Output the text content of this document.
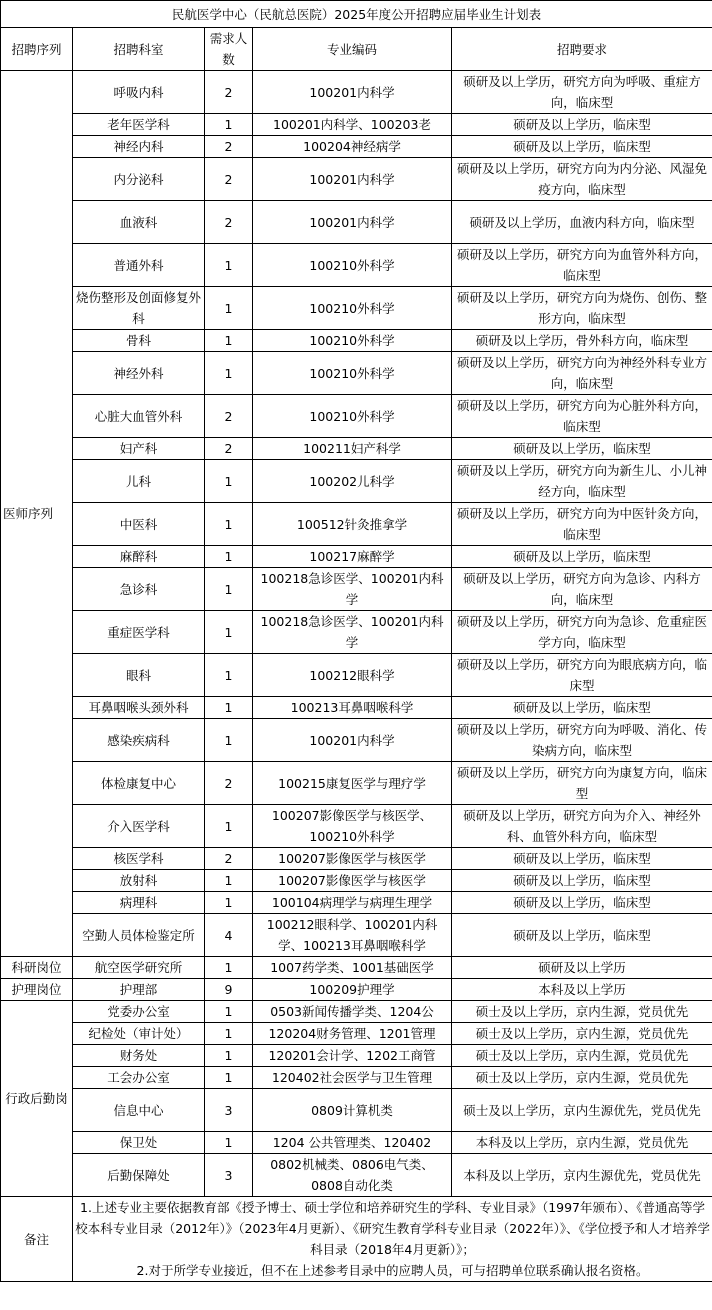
民航医学中心（民航总医院）2025年度公开招聘应届毕业生计划表				
招聘序列	招聘科室	需求人数	专业编码	招聘要求
医师序列	呼吸内科	2	100201内科学	硕研及以上学历，研究方向为呼吸、重症方向，临床型
	老年医学科	1	100201内科学、100203老	硕研及以上学历，临床型
	神经内科	2	100204神经病学	硕研及以上学历，临床型
	内分泌科	2	100201内科学	硕研及以上学历，研究方向为内分泌、风湿免疫方向，临床型
	血液科	2	100201内科学	硕研及以上学历，血液内科方向，临床型
	普通外科	1	100210外科学	硕研及以上学历，研究方向为血管外科方向，临床型
	烧伤整形及创面修复外科	1	100210外科学	硕研及以上学历，研究方向为烧伤、创伤、整形方向，临床型
	骨科	1	100210外科学	硕研及以上学历，骨外科方向，临床型
	神经外科	1	100210外科学	硕研及以上学历，研究方向为神经外科专业方向，临床型
	心脏大血管外科	2	100210外科学	硕研及以上学历，研究方向为心脏外科方向，临床型
	妇产科	2	100211妇产科学	硕研及以上学历，临床型
	儿科	1	100202儿科学	硕研及以上学历，研究方向为新生儿、小儿神经方向，临床型
	中医科	1	100512针灸推拿学	硕研及以上学历，研究方向为中医针灸方向，临床型
	麻醉科	1	100217麻醉学	硕研及以上学历，临床型
	急诊科	1	100218急诊医学、100201内科学	硕研及以上学历，研究方向为急诊、内科方向，临床型
	重症医学科	1	100218急诊医学、100201内科学	硕研及以上学历，研究方向为急诊、危重症医学方向，临床型
	眼科	1	100212眼科学	硕研及以上学历，研究方向为眼底病方向，临床型
	耳鼻咽喉头颈外科	1	100213耳鼻咽喉科学	硕研及以上学历，临床型
	感染疾病科	1	100201内科学	硕研及以上学历，研究方向为呼吸、消化、传染病方向，临床型
	体检康复中心	2	100215康复医学与理疗学	硕研及以上学历，研究方向为康复方向，临床型
	介入医学科	1	100207影像医学与核医学、100210外科学	硕研及以上学历，研究方向为介入、神经外科、血管外科方向，临床型
	核医学科	2	100207影像医学与核医学	硕研及以上学历，临床型
	放射科	1	100207影像医学与核医学	硕研及以上学历，临床型
	病理科	1	100104病理学与病理生理学	硕研及以上学历，临床型
	空勤人员体检鉴定所	4	100212眼科学、100201内科学、100213耳鼻咽喉科学	硕研及以上学历，临床型
科研岗位	航空医学研究所	1	1007药学类、1001基础医学	硕研及以上学历
护理岗位	护理部	9	100209护理学	本科及以上学历
行政后勤岗	党委办公室	1	0503新闻传播学类、1204公	硕士及以上学历，京内生源，党员优先
	纪检处（审计处）	1	120204财务管理、1201管理	硕士及以上学历，京内生源，党员优先
	财务处	1	120201会计学、1202工商管	硕士及以上学历，京内生源，党员优先
	工会办公室	1	120402社会医学与卫生管理	硕士及以上学历，京内生源，党员优先
	信息中心	3	0809计算机类	硕士及以上学历，京内生源优先，党员优先
	保卫处	1	1204 公共管理类、120402	本科及以上学历，京内生源，党员优先
	后勤保障处	3	0802机械类、0806电气类、0808自动化类	本科及以上学历，京内生源优先，党员优先
备注	1.上述专业主要依据教育部《授予博士、硕士学位和培养研究生的学科、专业目录》（1997年颁布）、《普通高等学校本科专业目录（2012年）》（2023年4月更新）、《研究生教育学科专业目录（2022年）》、《学位授予和人才培养学科目录（2018年4月更新）》；
2.对于所学专业接近，但不在上述参考目录中的应聘人员，可与招聘单位联系确认报名资格。			
